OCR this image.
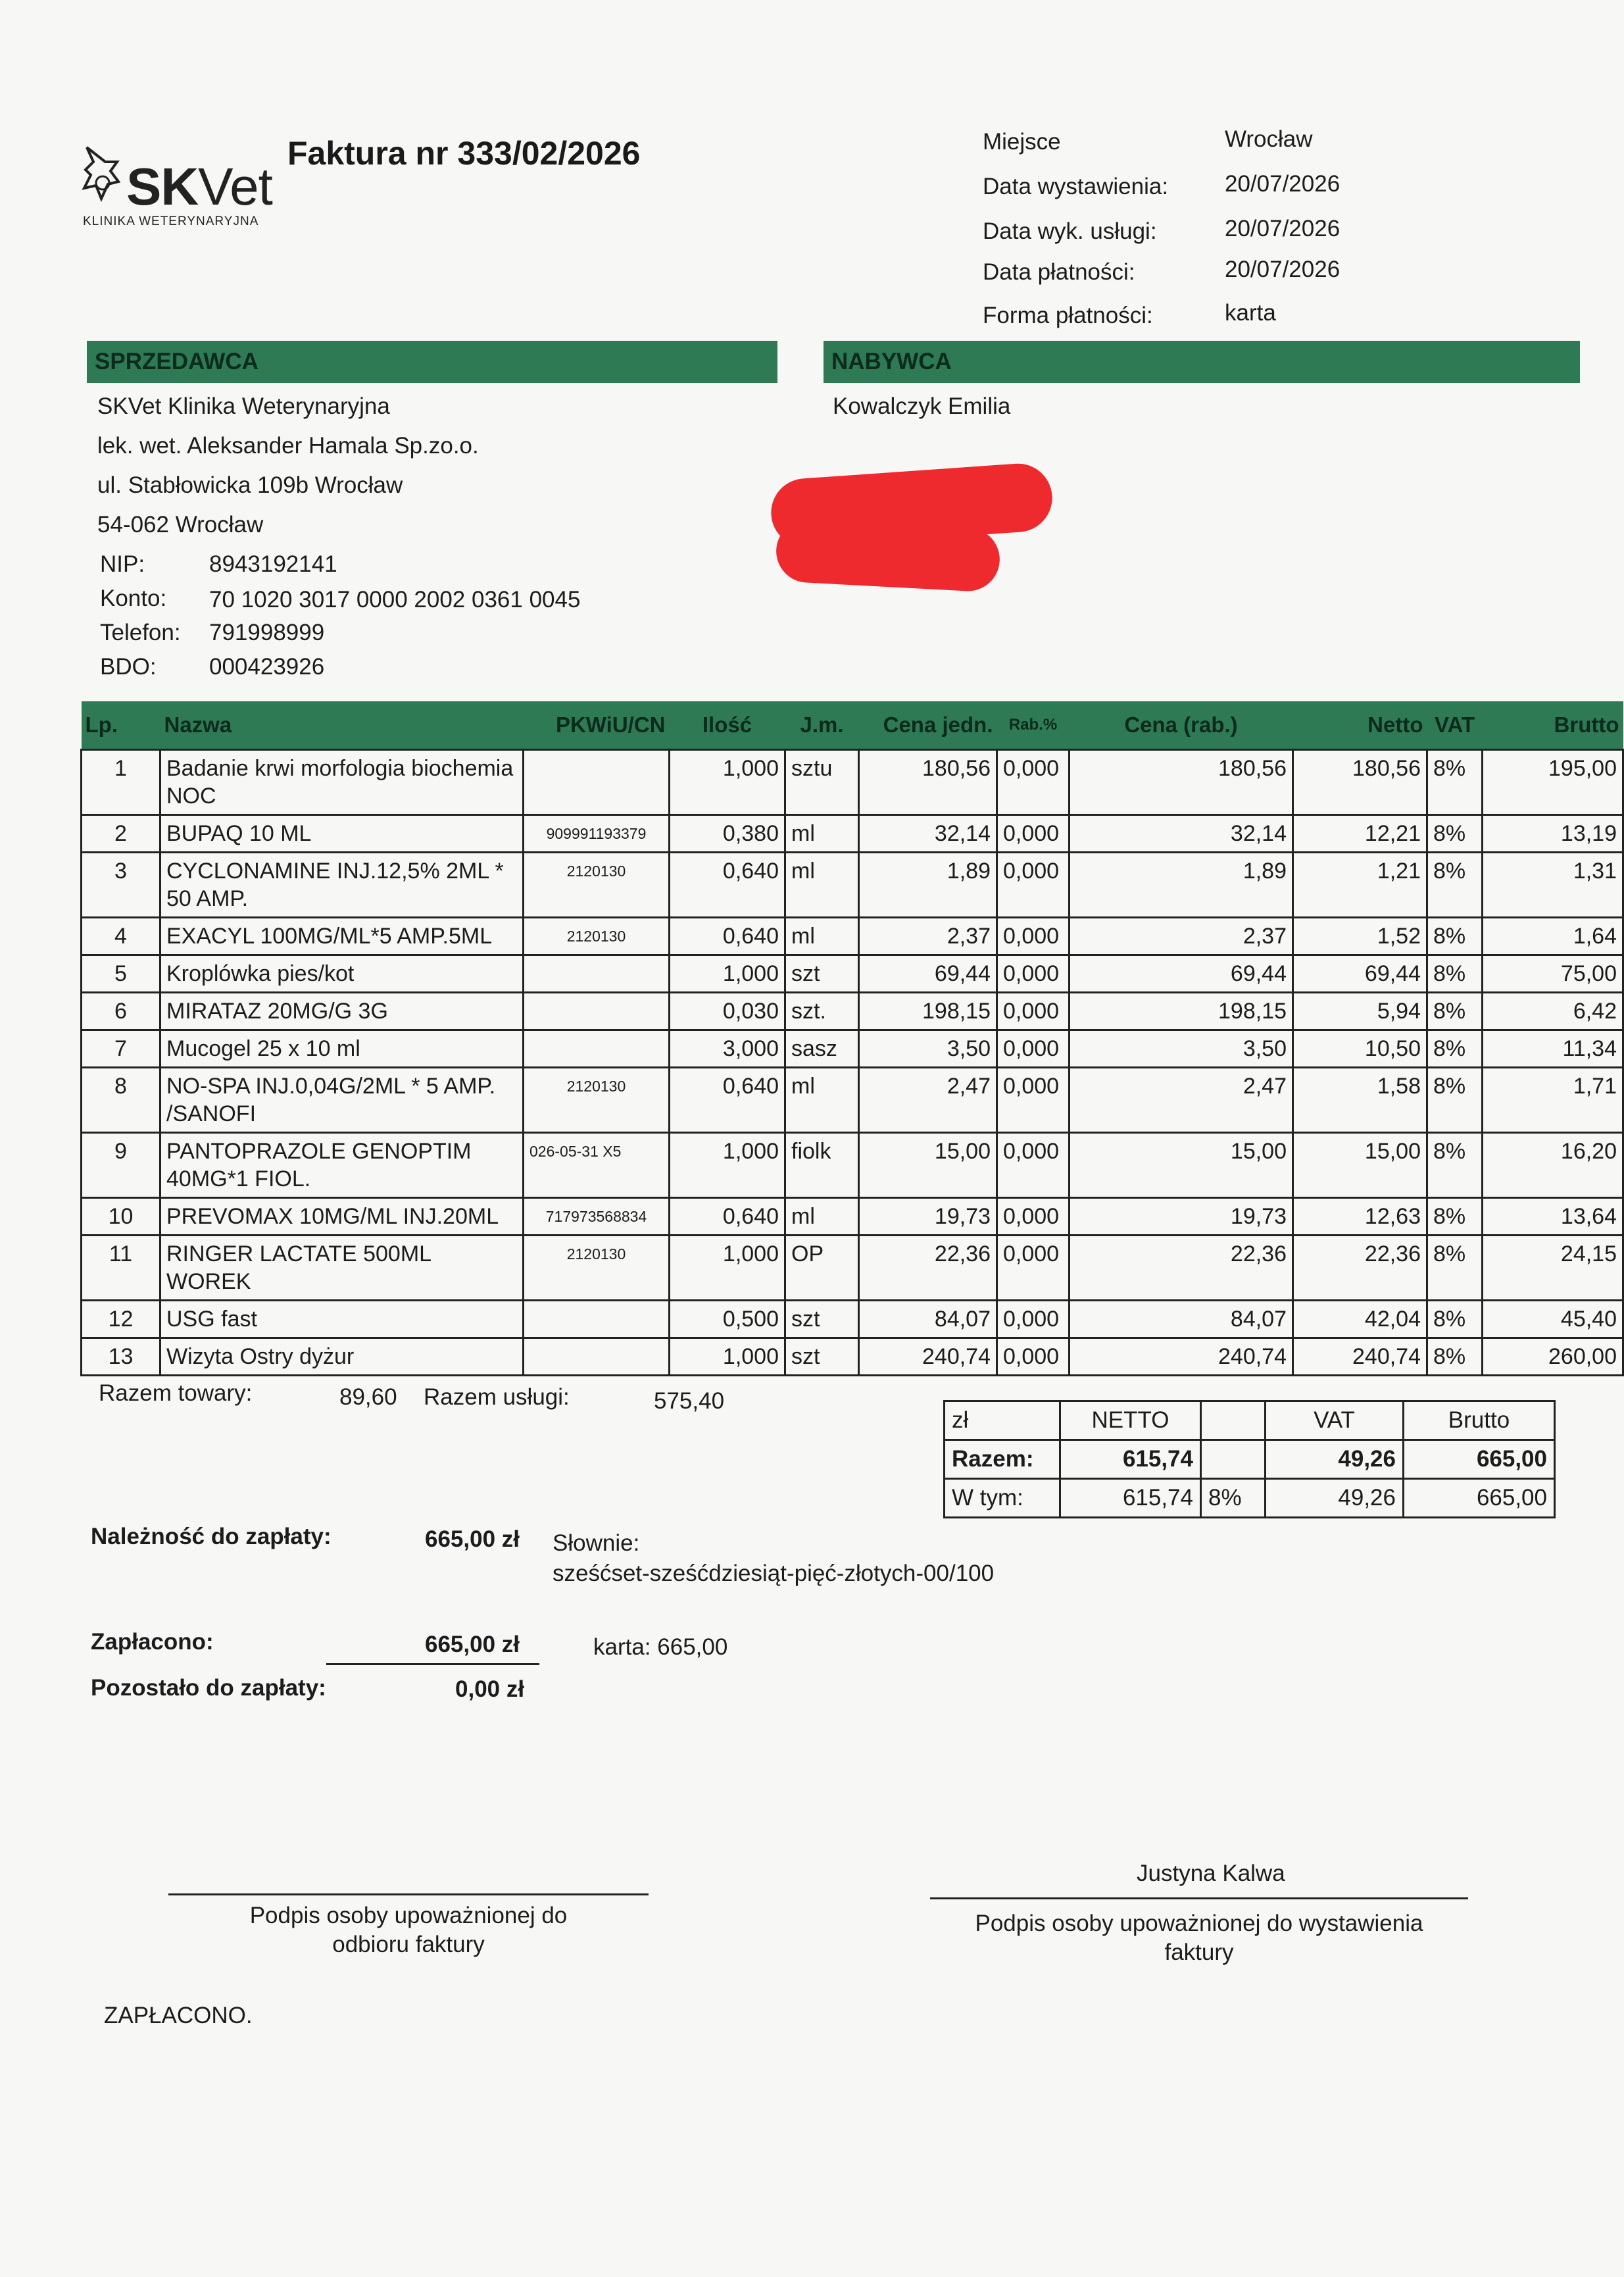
SKVet
KLINIKA WETERYNARYJNA
Faktura nr 333/02/2026	Miejsce	Wrocław
Data wystawienia: 20/07/2026
Data wyk. usługi:	20/07/2026
Data płatności:	20/07/2026
Forma płatności:	karta
SPRZEDAWCA	NABYWCA
SKVet Klinika Weterynaryjna
lek. wet. Aleksander Hamala Sp.zo.o.
ul. Stabłowicka 109b Wrocław
54-062 Wrocław
NIP:	8943192141
Konto: 70 1020 3017 0000 2002 0361 0045
Telefon: 791998999
BDO: 000423926
Kowalczyk Emilia
Lp.	Nazwa	PKWiU/CN	Ilość	J.m.	Cena jedn.	Rab.%	Cena (rab.)	Netto	VAT	Brutto
1	Badanie krwi morfologia biochemia NOC		1,000	sztu	180,56	0,000	180,56	180,56	8%	195,00
2	BUPAQ 10 ML	909991193379	0,380	ml	32,14	0,000	32,14	12,21	8%	13,19
3	CYCLONAMINE INJ.12,5% 2ML * 50 AMP.	2120130	0,640	ml	1,89	0,000	1,89	1,21	8%	1,31
4	EXACYL 100MG/ML*5 AMP.5ML	2120130	0,640	ml	2,37	0,000	2,37	1,52	8%	1,64
5	Kroplówka pies/kot		1,000	szt	69,44	0,000	69,44	69,44	8%	75,00
6	MIRATAZ 20MG/G 3G		0,030	szt.	198,15	0,000	198,15	5,94	8%	6,42
7	Mucogel 25 x 10 ml		3,000	sasz	3,50	0,000	3,50	10,50	8%	11,34
8	NO-SPA INJ.0,04G/2ML * 5 AMP. /SANOFI	2120130	0,640	ml	2,47	0,000	2,47	1,58	8%	1,71
9	PANTOPRAZOLE GENOPTIM 40MG*1 FIOL.	026-05-31 X5	1,000	fiolk	15,00	0,000	15,00	15,00	8%	16,20
10	PREVOMAX 10MG/ML INJ.20ML	717973568834	0,640	ml	19,73	0,000	19,73	12,63	8%	13,64
11	RINGER LACTATE 500ML WOREK	2120130	1,000	OP	22,36	0,000	22,36	22,36	8%	24,15
12	USG fast		0,500	szt	84,07	0,000	84,07	42,04	8%	45,40
13	Wizyta Ostry dyżur		1,000	szt	240,74	0,000	240,74	240,74	8%	260,00
Razem towary:	89,60 Razem usługi:	575,40
zł	NETTO		VAT	Brutto
Razem:	615,74		49,26	665,00
W tym:	615,74	8%	49,26	665,00
Należność do zapłaty:	665,00 zł Słownie:
sześćset-sześćdziesiąt-pięć-złotych-00/100
Zapłacono:	665,00 zł	karta: 665,00
Pozostało do zapłaty:	0,00 zł
Justyna Kalwa
Podpis osoby upoważnionej do
odbioru faktury
Podpis osoby upoważnionej do wystawienia
faktury
ZAPŁACONO.
